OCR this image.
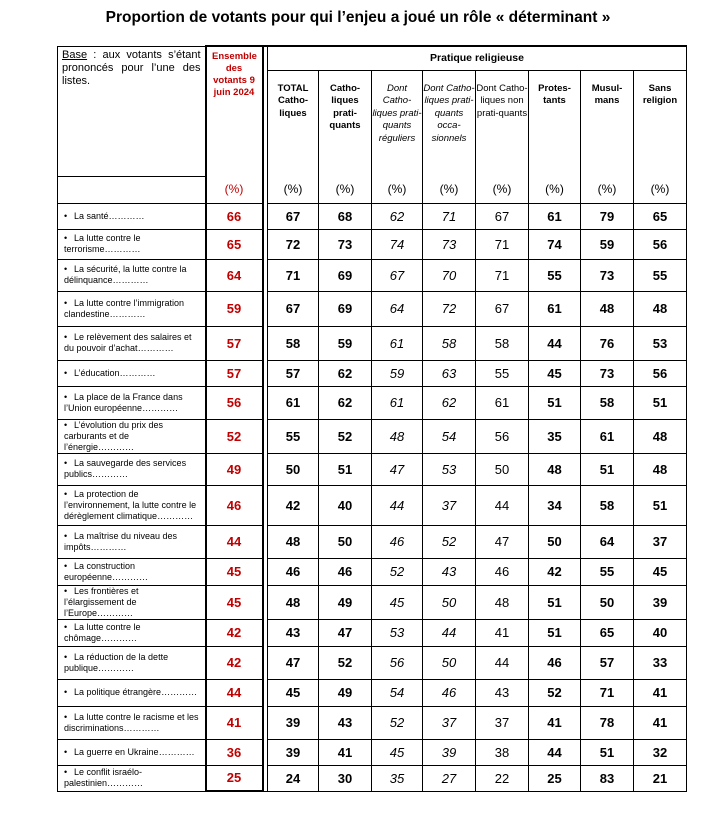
Proportion de votants pour qui l’enjeu a joué un rôle « déterminant »
Base : aux votants s’étant prononcés pour l’une des listes.	Ensemble des votants 9 juin 2024		Pratique religieuse							
			TOTAL Catho-liques	Catho-liques prati-quants	Dont Catho-liques prati-quants réguliers	Dont Catho-liques prati-quants occa-sionnels	Dont Catho-liques non prati-quants	Protes-tants	Musul-mans	Sans religion
	(%)		(%)	(%)	(%)	(%)	(%)	(%)	(%)	(%)
• La santé…………	66		67	68	62	71	67	61	79	65
• La lutte contre le terrorisme…………	65		72	73	74	73	71	74	59	56
• La sécurité, la lutte contre la délinquance…………	64		71	69	67	70	71	55	73	55
• La lutte contre l’immigration clandestine…………	59		67	69	64	72	67	61	48	48
• Le relèvement des salaires et du pouvoir d’achat…………	57		58	59	61	58	58	44	76	53
• L’éducation…………	57		57	62	59	63	55	45	73	56
• La place de la France dans l’Union européenne…………	56		61	62	61	62	61	51	58	51
• L’évolution du prix des carburants et de l’énergie…………	52		55	52	48	54	56	35	61	48
• La sauvegarde des services publics…………	49		50	51	47	53	50	48	51	48
• La protection de l’environnement, la lutte contre le dérèglement climatique…………	46		42	40	44	37	44	34	58	51
• La maîtrise du niveau des impôts…………	44		48	50	46	52	47	50	64	37
• La construction européenne…………	45		46	46	52	43	46	42	55	45
• Les frontières et l’élargissement de l’Europe…………	45		48	49	45	50	48	51	50	39
• La lutte contre le chômage…………	42		43	47	53	44	41	51	65	40
• La réduction de la dette publique…………	42		47	52	56	50	44	46	57	33
• La politique étrangère…………	44		45	49	54	46	43	52	71	41
• La lutte contre le racisme et les discriminations…………	41		39	43	52	37	37	41	78	41
• La guerre en Ukraine…………	36		39	41	45	39	38	44	51	32
• Le conflit israélo-palestinien…………	25		24	30	35	27	22	25	83	21
